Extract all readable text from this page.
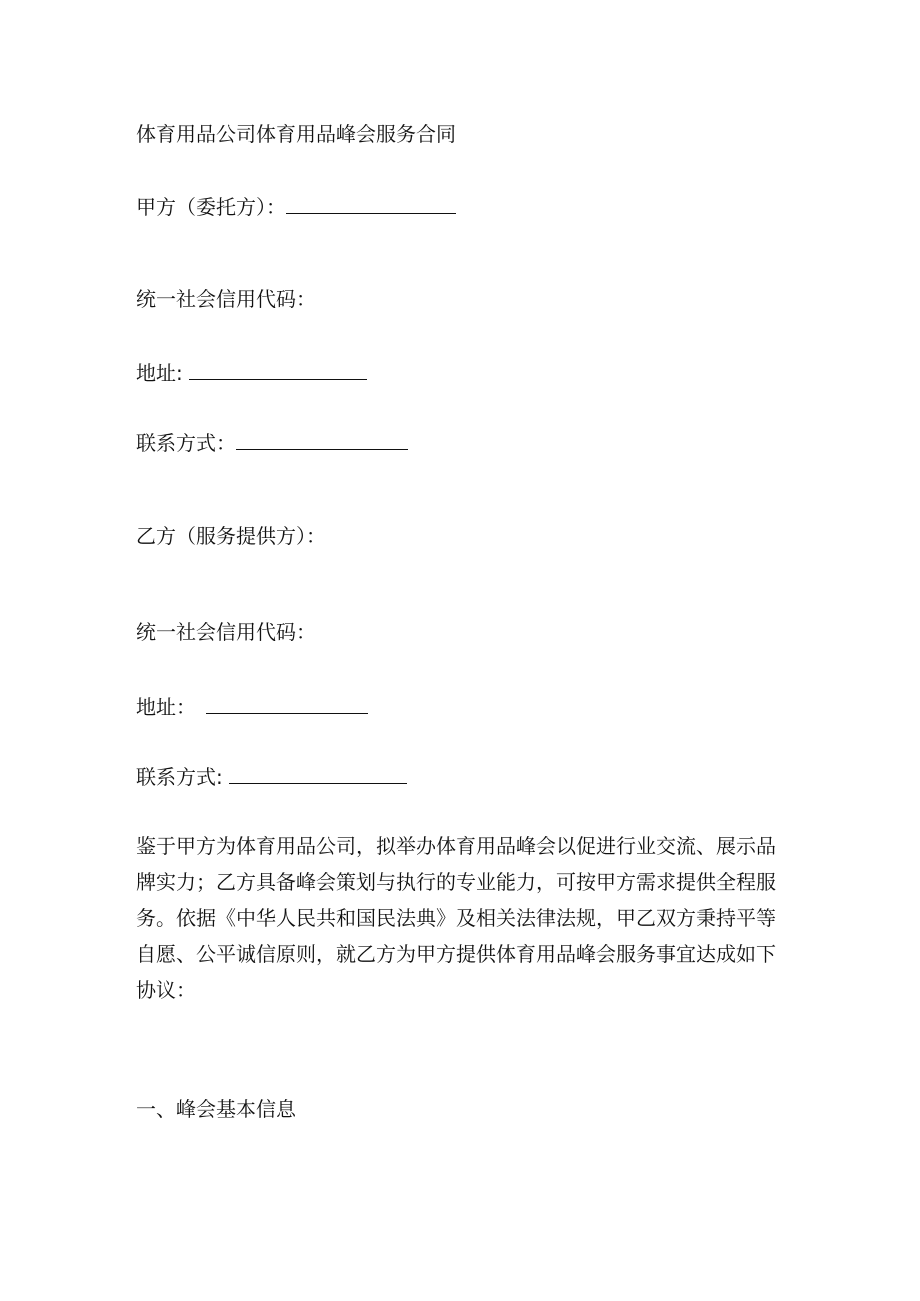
体育用品公司体育用品峰会服务合同
甲方（委托方）：
统一社会信用代码：
地址:
联系方式：
乙方（服务提供方）：
统一社会信用代码：
地址：
联系方式:
鉴于甲方为体育用品公司，拟举办体育用品峰会以促进行业交流、展示品
牌实力；乙方具备峰会策划与执行的专业能力，可按甲方需求提供全程服
务。依据《中华人民共和国民法典》及相关法律法规，甲乙双方秉持平等
自愿、公平诚信原则，就乙方为甲方提供体育用品峰会服务事宜达成如下
协议：
一、峰会基本信息
